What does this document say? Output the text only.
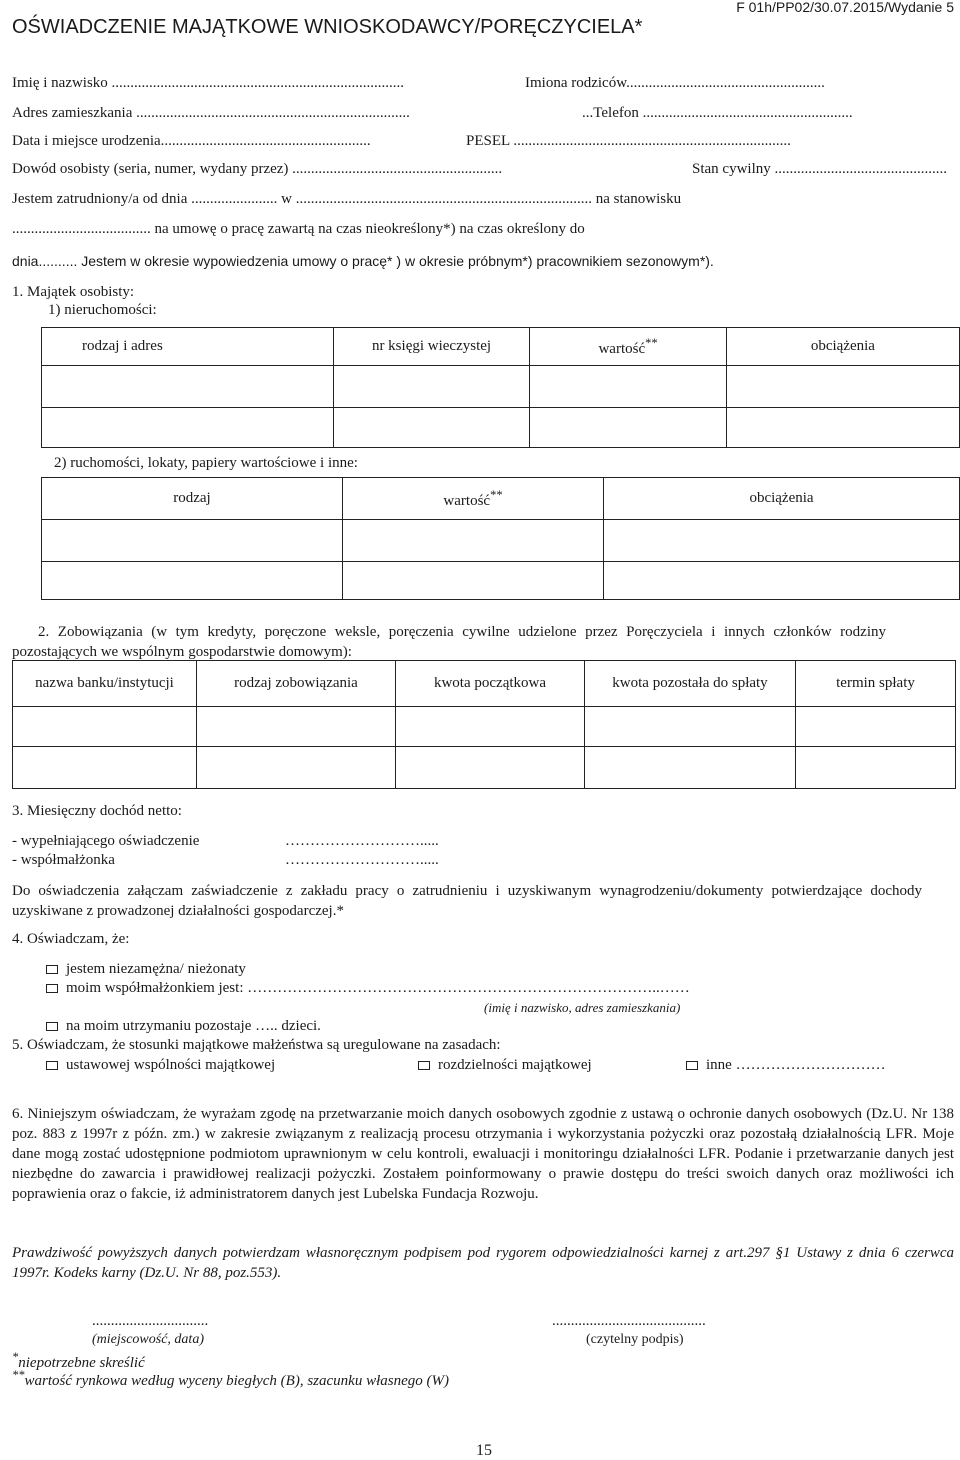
F 01h/PP02/30.07.2015/Wydanie 5
OŚWIADCZENIE MAJĄTKOWE WNIOSKODAWCY/PORĘCZYCIELA*
Imię i nazwisko ..............................................................................	Imiona rodziców.....................................................
Adres zamieszkania .........................................................................	...Telefon ........................................................
Data i miejsce urodzenia........................................................	PESEL ..........................................................................
Dowód osobisty (seria, numer, wydany przez) ........................................................	Stan cywilny ..............................................
Jestem zatrudniony/a od dnia ....................... w ............................................................................... na stanowisku
..................................... na umowę o pracę zawartą na czas nieokreślony*) na czas określony do
dnia.......... Jestem w okresie wypowiedzenia umowy o pracę* ) w okresie próbnym*) pracownikiem sezonowym*).
1. Majątek osobisty:
1) nieruchomości:
rodzaj i adres	nr księgi wieczystej	wartość**	obciążenia

2) ruchomości, lokaty, papiery wartościowe i inne:
rodzaj	wartość**	obciążenia

2. Zobowiązania (w tym kredyty, poręczone weksle, poręczenia cywilne udzielone przez Poręczyciela i innych członków rodziny pozostających we wspólnym gospodarstwie domowym):
nazwa banku/instytucji	rodzaj zobowiązania	kwota początkowa	kwota pozostała do spłaty	termin spłaty

3. Miesięczny dochód netto:
- wypełniającego oświadczenie	……………………….....
- współmałżonka	……………………….....
Do oświadczenia załączam zaświadczenie z zakładu pracy o zatrudnieniu i uzyskiwanym wynagrodzeniu/dokumenty potwierdzające dochody uzyskiwane z prowadzonej działalności gospodarczej.*
4. Oświadczam, że:
jestem niezamężna/ nieżonaty
moim współmałżonkiem jest: ………………………………………………………………………..……
(imię i nazwisko, adres zamieszkania)
na moim utrzymaniu pozostaje ….. dzieci.
5. Oświadczam, że stosunki majątkowe małżeństwa są uregulowane na zasadach:
ustawowej wspólności majątkowej	rozdzielności majątkowej	inne …………………………
6. Niniejszym oświadczam, że wyrażam zgodę na przetwarzanie moich danych osobowych zgodnie z ustawą o ochronie danych osobowych (Dz.U. Nr 138 poz. 883 z 1997r z późn. zm.) w zakresie związanym z realizacją procesu otrzymania i wykorzystania pożyczki oraz pozostałą działalnością LFR. Moje dane mogą zostać udostępnione podmiotom uprawnionym w celu kontroli, ewaluacji i monitoringu działalności LFR. Podanie i przetwarzanie danych jest niezbędne do zawarcia i prawidłowej realizacji pożyczki. Zostałem poinformowany o prawie dostępu do treści swoich danych oraz możliwości ich poprawienia oraz o fakcie, iż administratorem danych jest Lubelska Fundacja Rozwoju.
Prawdziwość powyższych danych potwierdzam własnoręcznym podpisem pod rygorem odpowiedzialności karnej z art.297 §1 Ustawy z dnia 6 czerwca 1997r. Kodeks karny (Dz.U. Nr 88, poz.553).
...............................
(miejscowość, data)
.........................................
(czytelny podpis)
*niepotrzebne skreślić
**wartość rynkowa według wyceny biegłych (B), szacunku własnego (W)
15
